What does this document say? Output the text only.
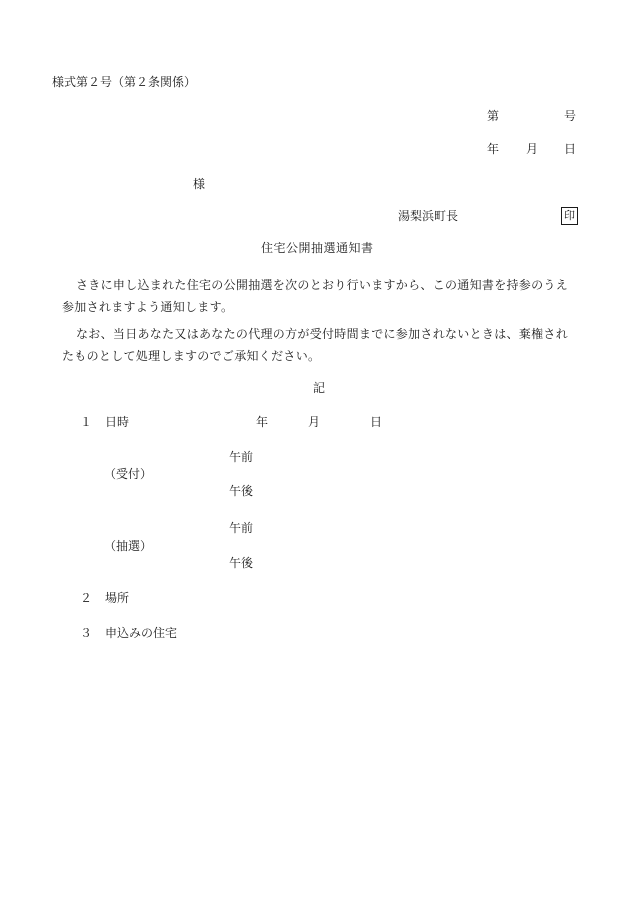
様式第２号（第２条関係）
第	号
年 月 日
様
湯梨浜町長	印
住宅公開抽選通知書
さきに申し込まれた住宅の公開抽選を次のとおり行いますから、この通知書を持参のうえ参加されますよう通知します。
なお、当日あなた又はあなたの代理の方が受付時間までに参加されないときは、棄権されたものとして処理しますのでご承知ください。
記
１ 日時	年	月	日
午前
（受付）
午後
午前
（抽選）
午後
２ 場所
３ 申込みの住宅
